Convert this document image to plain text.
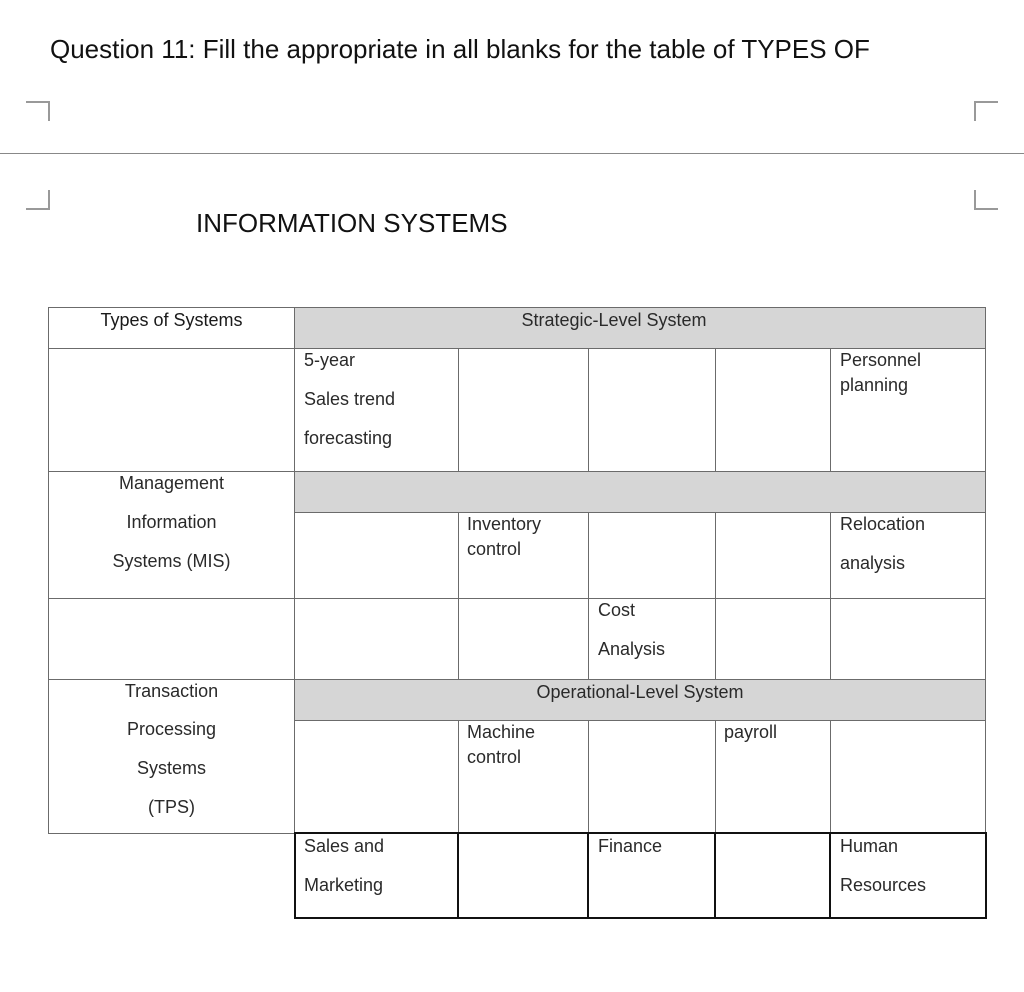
Question 11: Fill the appropriate in all blanks for the table of TYPES OF
INFORMATION SYSTEMS
Types of Systems	Strategic-Level System
5-year
Sales trend
forecasting
Personnel
planning
Management
Information
Systems (MIS)
Inventory
control
Relocation
analysis
Cost
Analysis
Transaction
Processing
Systems
(TPS)
Operational-Level System
Machine
control
payroll
Sales and
Marketing
Finance	Human
Resources
